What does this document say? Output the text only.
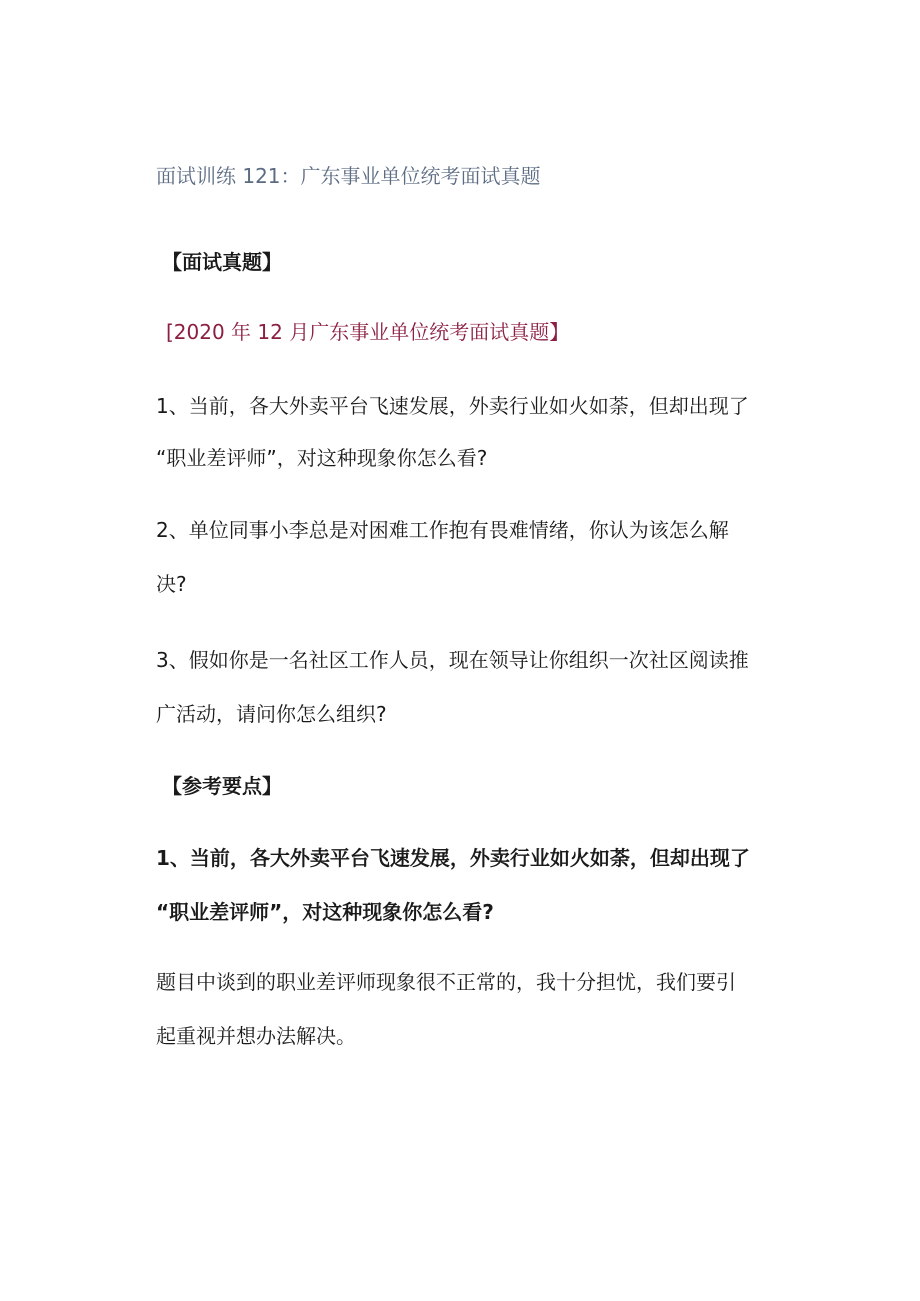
面试训练 121：广东事业单位统考面试真题
【面试真题】
[2020 年 12 月广东事业单位统考面试真题】
1、当前，各大外卖平台飞速发展，外卖行业如火如荼，但却出现了
“职业差评师”，对这种现象你怎么看?
2、单位同事小李总是对困难工作抱有畏难情绪，你认为该怎么解
决?
3、假如你是一名社区工作人员，现在领导让你组织一次社区阅读推
广活动，请问你怎么组织?
【参考要点】
1、当前，各大外卖平台飞速发展，外卖行业如火如荼，但却出现了
“职业差评师”，对这种现象你怎么看?
题目中谈到的职业差评师现象很不正常的，我十分担忧，我们要引
起重视并想办法解决。
